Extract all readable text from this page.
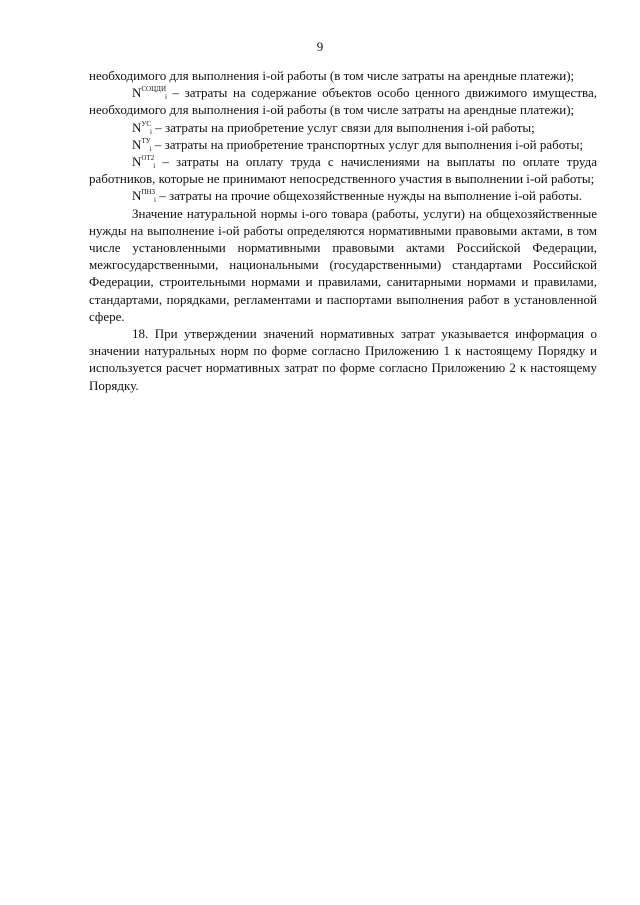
9

необходимого для выполнения i-ой работы (в том числе затраты на арендные платежи);

$N^{СОЦДИ}_i$ – затраты на содержание объектов особо ценного движимого имущества, необходимого для выполнения i-ой работы (в том числе затраты на арендные платежи);

$N^{УС}_i$ – затраты на приобретение услуг связи для выполнения i-ой работы;

$N^{ТУ}_i$ – затраты на приобретение транспортных услуг для выполнения i-ой работы;

$N^{ОТ2}_i$ – затраты на оплату труда с начислениями на выплаты по оплате труда работников, которые не принимают непосредственного участия в выполнении i-ой работы;

$N^{ПНЗ}_i$ – затраты на прочие общехозяйственные нужды на выполнение i-ой работы.

Значение натуральной нормы i-ого товара (работы, услуги) на общехозяйственные нужды на выполнение i-ой работы определяются нормативными правовыми актами, в том числе установленными нормативными правовыми актами Российской Федерации, межгосударственными, национальными (государственными) стандартами Российской Федерации, строительными нормами и правилами, санитарными нормами и правилами, стандартами, порядками, регламентами и паспортами выполнения работ в установленной сфере.

18. При утверждении значений нормативных затрат указывается информация о значении натуральных норм по форме согласно Приложению 1 к настоящему Порядку и используется расчет нормативных затрат по форме согласно Приложению 2 к настоящему Порядку.
